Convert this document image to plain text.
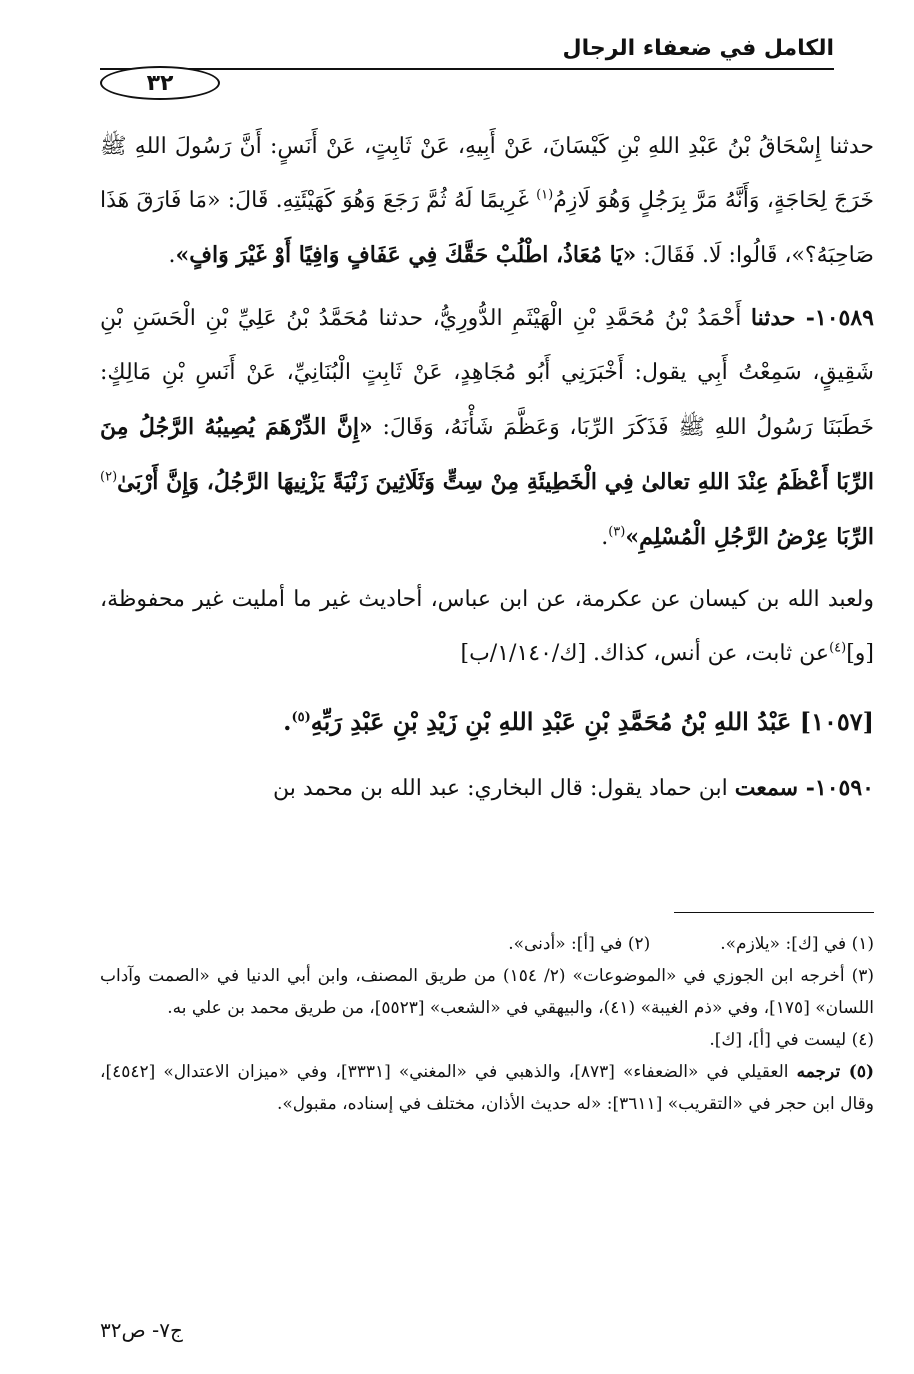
الكامل في ضعفاء الرجال
٣٢

حدثنا إِسْحَاقُ بْنُ عَبْدِ اللهِ بْنِ كَيْسَانَ، عَنْ أَبِيهِ، عَنْ ثَابِتٍ، عَنْ أَنَسٍ: أَنَّ رَسُولَ اللهِ ﷺ خَرَجَ لِحَاجَةٍ، وَأَنَّهُ مَرَّ بِرَجُلٍ وَهُوَ لَازِمُ$^{(١)}$ غَرِيمًا لَهُ ثُمَّ رَجَعَ وَهُوَ كَهَيْئَتِهِ. قَالَ: «مَا فَارَقَ هَذَا صَاحِبَهُ؟»، قَالُوا: لَا. فَقَالَ: «يَا مُعَاذُ، اطْلُبْ حَقَّكَ فِي عَفَافٍ وَافِيًا أَوْ غَيْرَ وَافٍ».

١٠٥٨٩- حدثنا أَحْمَدُ بْنُ مُحَمَّدِ بْنِ الْهَيْثَمِ الدُّورِيُّ، حدثنا مُحَمَّدُ بْنُ عَلِيِّ بْنِ الْحَسَنِ بْنِ شَقِيقٍ، سَمِعْتُ أَبِي يقول: أَخْبَرَنِي أَبُو مُجَاهِدٍ، عَنْ ثَابِتٍ الْبُنَانِيِّ، عَنْ أَنَسِ بْنِ مَالِكٍ: خَطَبَنَا رَسُولُ اللهِ ﷺ فَذَكَرَ الرِّبَا، وَعَظَّمَ شَأْنَهُ، وَقَالَ: «إِنَّ الدِّرْهَمَ يُصِيبُهُ الرَّجُلُ مِنَ الرِّبَا أَعْظَمُ عِنْدَ اللهِ تعالىٰ فِي الْخَطِيئَةِ مِنْ سِتٍّ وَثَلَاثِينَ زَنْيَةً يَزْنِيهَا الرَّجُلُ، وَإِنَّ أَرْبَىٰ$^{(٢)}$ الرِّبَا عِرْضُ الرَّجُلِ الْمُسْلِمِ»$^{(٣)}$.

ولعبد الله بن كيسان عن عكرمة، عن ابن عباس، أحاديث غير ما أمليت غير محفوظة، [و]$^{(٤)}$عن ثابت، عن أنس، كذاك. [ك/١/١٤٠/ب]

[١٠٥٧] عَبْدُ اللهِ بْنُ مُحَمَّدِ بْنِ عَبْدِ اللهِ بْنِ زَيْدِ بْنِ عَبْدِ رَبِّهِ$^{(٥)}$.

١٠٥٩٠- سمعت ابن حماد يقول: قال البخاري: عبد الله بن محمد بن

(١) في [ك]: «يلازم».

(٢) في [أ]: «أدنى».

(٣) أخرجه ابن الجوزي في «الموضوعات» (٢/ ١٥٤) من طريق المصنف، وابن أبي الدنيا في «الصمت وآداب اللسان» [١٧٥]، وفي «ذم الغيبة» (٤١)، والبيهقي في «الشعب» [٥٥٢٣]، من طريق محمد بن علي به.

(٤) ليست في [أ]، [ك].

(٥) ترجمه العقيلي في «الضعفاء» [٨٧٣]، والذهبي في «المغني» [٣٣٣١]، وفي «ميزان الاعتدال» [٤٥٤٢]، وقال ابن حجر في «التقريب» [٣٦١١]: «له حديث الأذان، مختلف في إسناده، مقبول».

ج٧- ص٣٢
